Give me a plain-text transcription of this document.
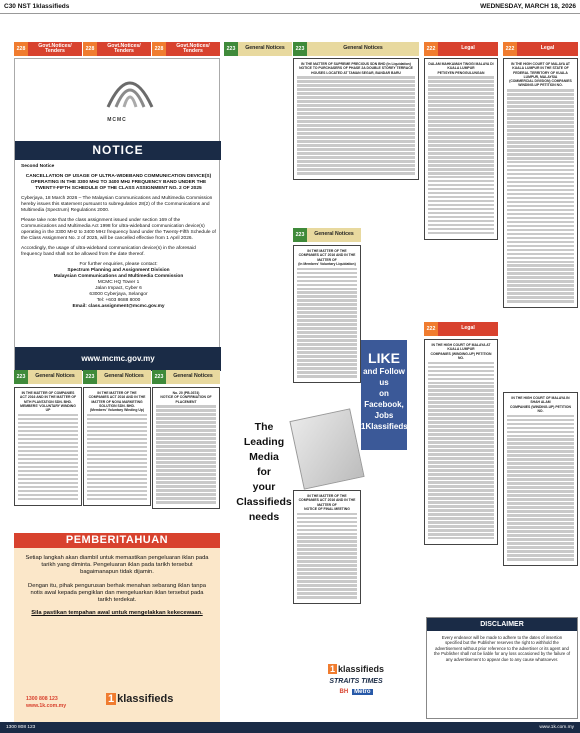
C30 NST 1klassifieds	WEDNESDAY, MARCH 18, 2026
228
Govt.Notices/ Tenders	228
Govt.Notices/ Tenders	228
Govt.Notices/ Tenders	223	General Notices	223	General Notices	222	Legal	222	Legal
MCMC
NOTICE

Second Notice

CANCELLATION OF USAGE OF ULTRA-WIDEBAND COMMUNICATION DEVICE(S) OPERATING IN THE 3300 MHz TO 3400 MHz FREQUENCY BAND UNDER THE TWENTY-FIFTH SCHEDULE OF THE CLASS ASSIGNMENT NO. 2 OF 2025

Cyberjaya, 18 March 2026 – The Malaysian Communications and Multimedia Commission hereby issues this statement pursuant to subregulation 28(2) of the Communications and Multimedia (Spectrum) Regulations 2000.

Please take note that the class assignment issued under section 169 of the Communications and Multimedia Act 1998 for ultra-wideband communication device(s) operating in the 3300 MHz to 3400 MHz frequency band under the Twenty-Fifth Schedule of the Class Assignment No. 2 of 2025, will be cancelled effective from 1 April 2026.

Accordingly, the usage of ultra-wideband communication device(s) in the aforesaid frequency band shall not be allowed from the date thereof.

For further enquiries, please contact:
Spectrum Planning and Assignment Division
Malaysian Communications and Multimedia Commission
MCMC HQ Tower 1
Jalan Impact, Cyber 6
63000 Cyberjaya, Selangor
Tel: +603 8688 8000
Email: class.assignment@mcmc.gov.my
www.mcmc.gov.my
223	General Notices	223	General Notices	223	General Notices
IN THE MATTER OF COMPANIES ACT 2016 AND IN THE MATTER OF MTH PLANTATION SDN. BHD.
MEMBERS' VOLUNTARY WINDING UP
IN THE MATTER OF THE COMPANIES ACT 2016 AND IN THE MATTER OF NOVA MARKETING SOLUTION SDN. BHD.
(Members' Voluntary Winding Up)
No. 20 (PB-0374)
NOTICE OF CONFIRMATION OF PLACEMENT
PEMBERITAHUAN

Setiap langkah akan diambil untuk memastikan pengeluaran iklan pada tarikh yang diminta. Pengeluaran iklan pada tarikh tersebut bagaimanapun tidak dijamin.

Dengan itu, pihak pengurusan berhak menahan sebarang iklan tanpa notis awal kepada pengiklan dan mengeluarkan iklan tersebut pada tarikh terdekat.

Sila pastikan tempahan awal untuk mengelakkan kekecewaan.

1300 808 123
www.1k.com.my
1 klassifieds
IN THE MATTER OF SUPREME PRECIOUS SDN BHD (In Liquidation)
NOTICE TO PURCHASERS OF PHASE 2A DOUBLE STOREY TERRACE HOUSES LOCATED AT TAMAN SEGAR, BANDAR BARU
223	General Notices
IN THE MATTER OF THE COMPANIES ACT 2016 AND IN THE MATTER OF
(In Members' Voluntary Liquidation)
IN THE MATTER OF THE COMPANIES ACT 2016 AND IN THE MATTER OF
NOTICE OF FINAL MEETING
The
Leading
Media
for
your
Classifieds
needs
LIKE
and Follow us
on Facebook,
Jobs 1Klassifieds
1 klassifieds
STRAITS TIMES
BH	Metro
DALAM MAHKAMAH TINGGI MALAYA DI KUALA LUMPUR
PETISYEN PENGGULUNGAN
IN THE HIGH COURT OF MALAYA AT KUALA LUMPUR IN THE STATE OF FEDERAL TERRITORY OF KUALA LUMPUR, MALAYSIA
(COMMERCIAL DIVISION) COMPANIES WINDING-UP PETITION NO.
222	Legal
IN THE HIGH COURT OF MALAYA AT KUALA LUMPUR
COMPANIES (WINDING-UP) PETITION NO.
IN THE HIGH COURT OF MALAYA IN SHAH ALAM
COMPANIES (WINDING-UP) PETITION NO.
DISCLAIMER
Every endeavor will be made to adhere to the dates of insertion specified but the Publisher reserves the right to withhold the advertisement without prior reference to the advertiser or its agent and the Publisher shall not be liable for any loss occasioned by the failure of any advertisement to appear due to any cause whatsoever.
1300 808 123	www.1k.com.my
